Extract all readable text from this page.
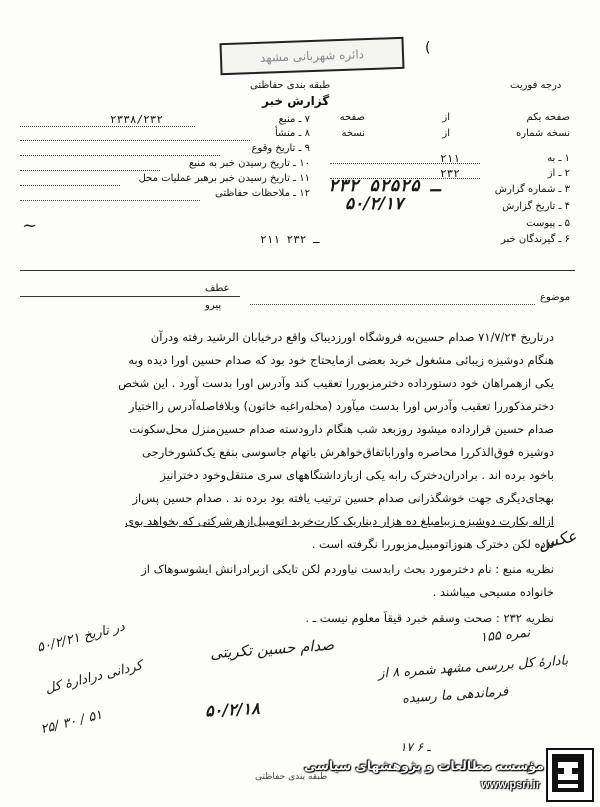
دائره شهربانی مشهد	(
طبقه بندی حفاظتی
گزارش خبر
درجه فوریت
۷ ـ منبع
۲۳۳۸/۲۳۲
۸ ـ منشأ
۹ ـ تاریخ وقوع
۱۰ ـ تاریخ رسیدن خبر به منبع
۱۱ ـ تاریخ رسیدن خبر برهبر عملیات محل
۱۲ ـ ملاحظات حفاظتی
صفحه یکم
از
صفحه
نسخه شماره
از
نسخه
۱ ـ به
۲۱۱
۲ ـ از
۲۳۲
۳ ـ شماره گزارش
۲۳۲ ـ ۵۲۵۲۵
۴ ـ تاریخ گزارش
۵۰/۲/۱۷
۵ ـ پیوست
۶ ـ گیرندگان خبر
۲۱۱ ـ ۲۳۲
~
موضوع
عطف
پیرو
درتاریخ ۷۱/۷/۲۴ صدام حسین‌به فروشگاه اورزدیباک واقع درخیابان الرشید رفته ودرآن
هنگام دوشیزه زیبائی مشغول خرید بعضی ازمایحتاج خود بود که صدام حسین اورا دیده وبه
یکی ازهمراهان خود دستورداده دخترمزبوررا تعقیب کند وآدرس اورا بدست آورد . این شخص
دخترمذکوررا تعقیب وآدرس اورا بدست میآورد (محله‌راغبه خاتون) وبلافاصله‌آدرس رااختیار
صدام حسین قرارداده میشود روزبعد شب هنگام دارودسته صدام حسین‌منزل محل‌سکونت
دوشیزه فوق‌الذکررا محاصره واورابا‌تفاق‌خواهرش باتهام جاسوسی بنفع یک‌کشورخارجی
باخود برده اند . برادران‌دخترک رابه یکی ازبازداشتگاههای سری منتقل‌وخود دخترانیز
بهجای‌دیگری جهت خوشگذرانی صدام حسین ترتیب یافته بود برده ند . صدام حسین پس‌از
ازاله بکارت دوشیزه زیبا‌مبلغ ده هزار دینار‌یک کارت‌خرید اتومبیل‌ازهرشرکتی که بخواهد بوی
داده لکن دخترک هنوزاتومبیل‌مزبوررا نگرفته است .
عکس
نظریه منبع : نام دخترمورد بحث رابدست نیاوردم لکن تا‌یکی ازبرادرانش ایشوسوهاک از
خانواده مسیحی میباشند .
نظریه ۲۳۲ : صحت وسقم خبرد قیقاً معلوم نیست ـ .
صدام حسین تکریتی
۵۰/۲/۱۸
نمره ۱۵۵
بادارۀ کل بررسی مشهد شمره ۸ از
فرماندهی ما رسیده
در تاریخ ۵۰/۲/۲۱
کردانی درادارۀ کل
۲۵/ ۳۰ / ۵۱
۱۷ ـ ۶
طبقه بندی حفاظتی
مؤسسه مطالعات و پژوهشهای سیاسی
www.psri.ir
